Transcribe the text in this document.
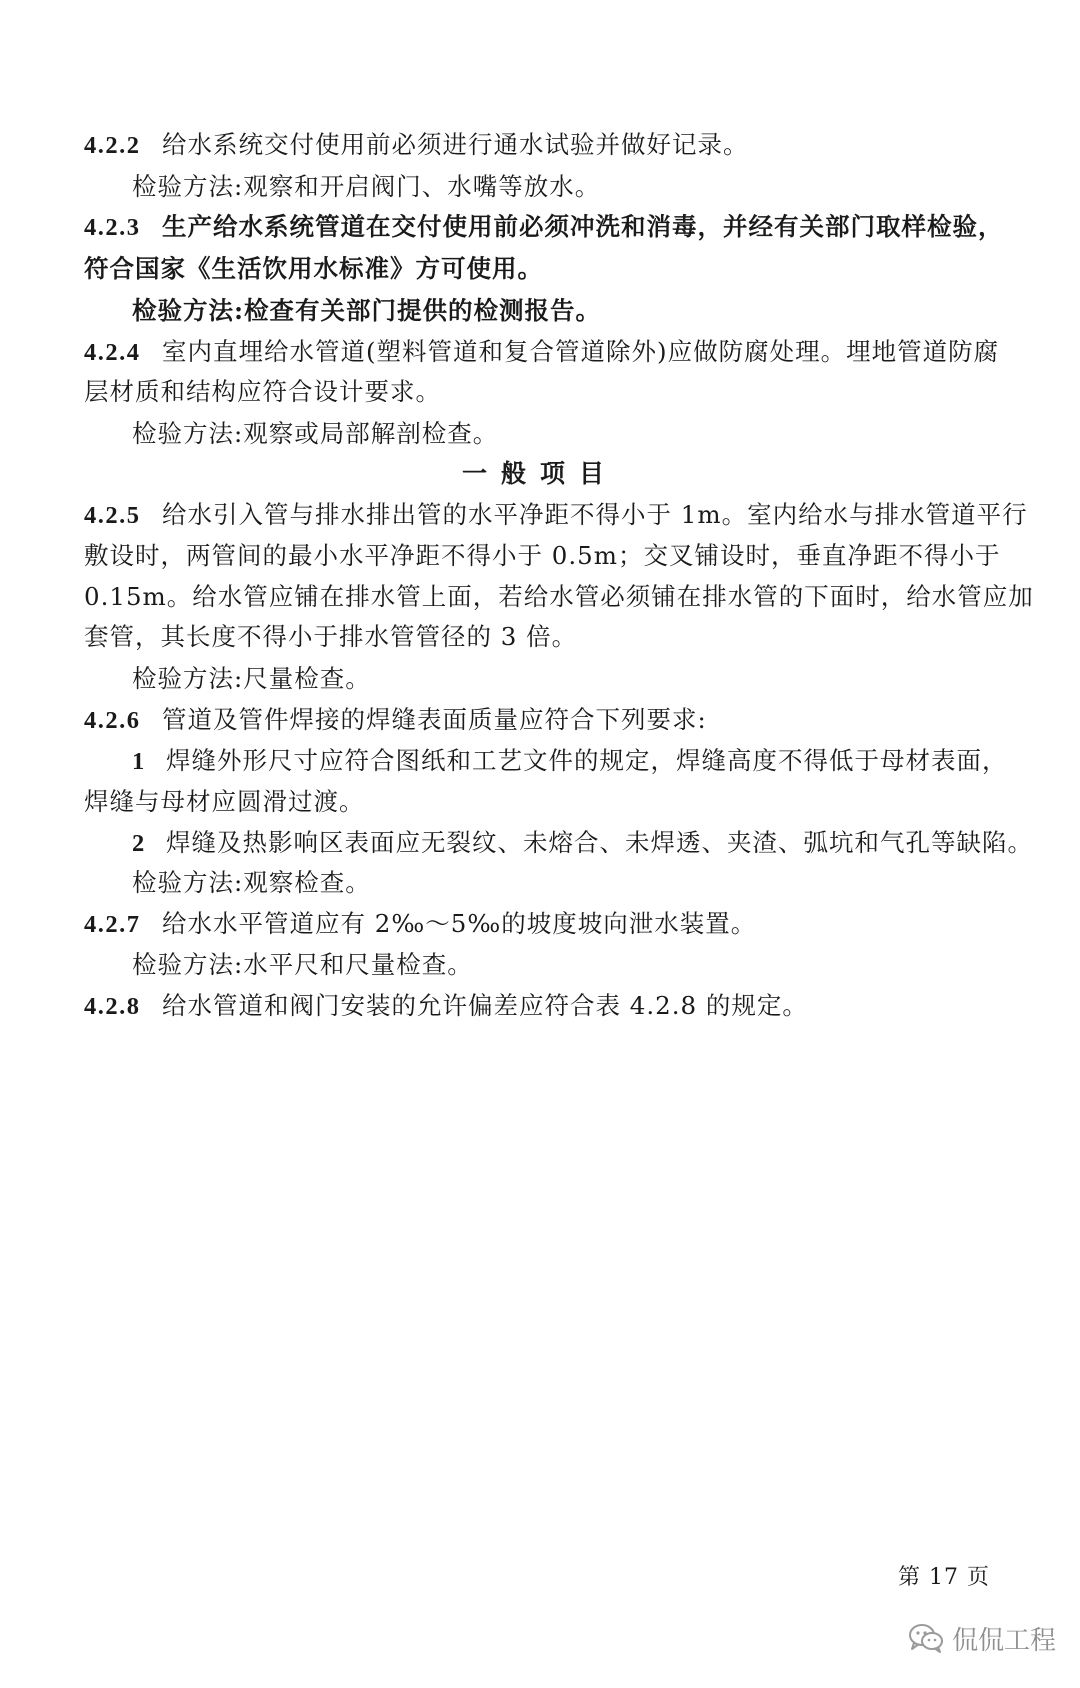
4.2.2 给水系统交付使用前必须进行通水试验并做好记录。
检验方法:观察和开启阀门、水嘴等放水。
4.2.3 生产给水系统管道在交付使用前必须冲洗和消毒，并经有关部门取样检验，
符合国家《生活饮用水标准》方可使用。
检验方法:检查有关部门提供的检测报告。
4.2.4 室内直埋给水管道(塑料管道和复合管道除外)应做防腐处理。埋地管道防腐
层材质和结构应符合设计要求。
检验方法:观察或局部解剖检查。
一般项目
4.2.5 给水引入管与排水排出管的水平净距不得小于 1m。室内给水与排水管道平行
敷设时，两管间的最小水平净距不得小于 0.5m；交叉铺设时，垂直净距不得小于
0.15m。给水管应铺在排水管上面，若给水管必须铺在排水管的下面时，给水管应加
套管，其长度不得小于排水管管径的 3 倍。
检验方法:尺量检查。
4.2.6 管道及管件焊接的焊缝表面质量应符合下列要求:
1 焊缝外形尺寸应符合图纸和工艺文件的规定，焊缝高度不得低于母材表面，
焊缝与母材应圆滑过渡。
2 焊缝及热影响区表面应无裂纹、未熔合、未焊透、夹渣、弧坑和气孔等缺陷。
检验方法:观察检查。
4.2.7 给水水平管道应有 2‰～5‰的坡度坡向泄水装置。
检验方法:水平尺和尺量检查。
4.2.8 给水管道和阀门安装的允许偏差应符合表 4.2.8 的规定。
第 17 页
侃侃工程
